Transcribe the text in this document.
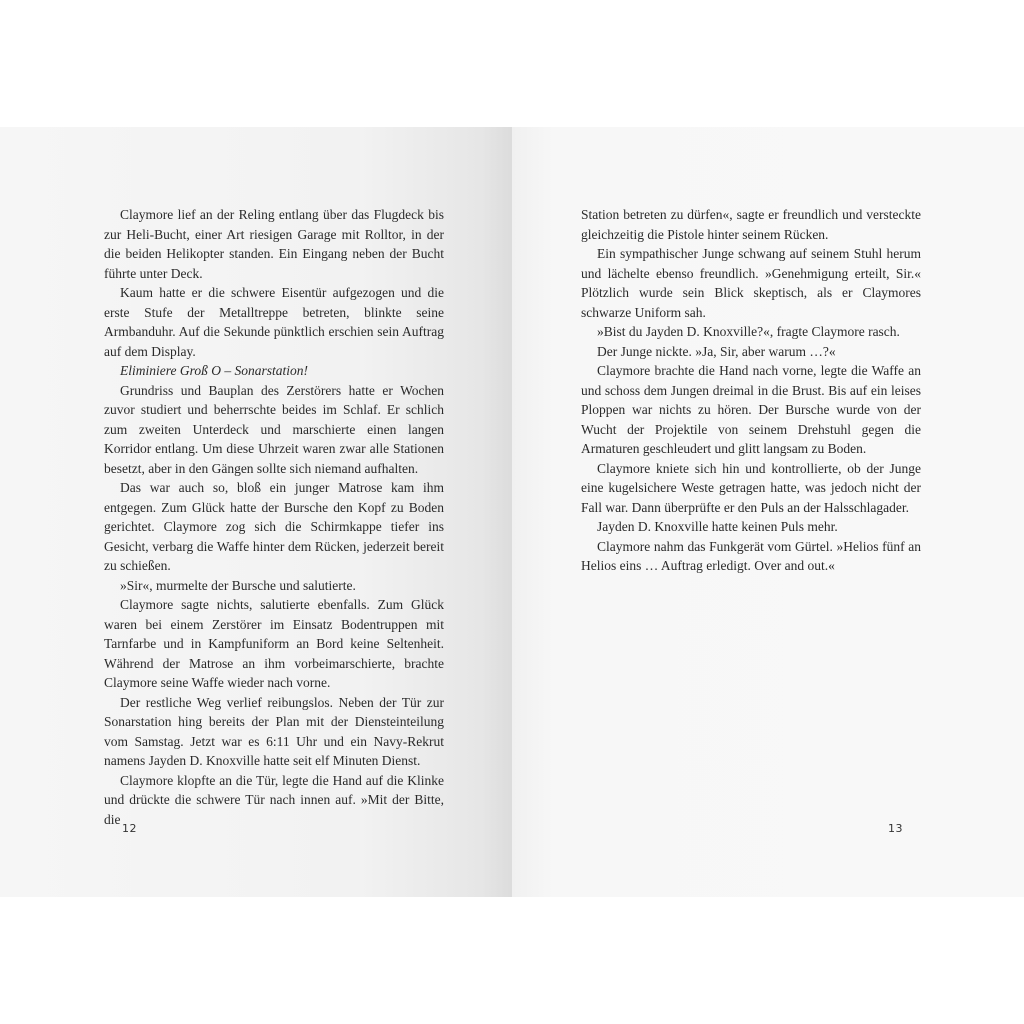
Claymore lief an der Reling entlang über das Flugdeck bis zur Heli-Bucht, einer Art riesigen Garage mit Rolltor, in der die beiden Helikopter standen. Ein Eingang neben der Bucht führte unter Deck.

Kaum hatte er die schwere Eisentür aufgezogen und die erste Stufe der Metalltreppe betreten, blinkte seine Armbanduhr. Auf die Sekunde pünktlich erschien sein Auftrag auf dem Display.

Eliminiere Groß O – Sonarstation!

Grundriss und Bauplan des Zerstörers hatte er Wochen zuvor studiert und beherrschte beides im Schlaf. Er schlich zum zweiten Unterdeck und marschierte einen langen Korridor entlang. Um diese Uhrzeit waren zwar alle Stationen besetzt, aber in den Gängen sollte sich niemand aufhalten.

Das war auch so, bloß ein junger Matrose kam ihm entgegen. Zum Glück hatte der Bursche den Kopf zu Boden gerichtet. Claymore zog sich die Schirmkappe tiefer ins Gesicht, verbarg die Waffe hinter dem Rücken, jederzeit bereit zu schießen.

»Sir«, murmelte der Bursche und salutierte.

Claymore sagte nichts, salutierte ebenfalls. Zum Glück waren bei einem Zerstörer im Einsatz Bodentruppen mit Tarnfarbe und in Kampfuniform an Bord keine Seltenheit. Während der Matrose an ihm vorbeimarschierte, brachte Claymore seine Waffe wieder nach vorne.

Der restliche Weg verlief reibungslos. Neben der Tür zur Sonarstation hing bereits der Plan mit der Diensteinteilung vom Samstag. Jetzt war es 6:11 Uhr und ein Navy-Rekrut namens Jayden D. Knoxville hatte seit elf Minuten Dienst.

Claymore klopfte an die Tür, legte die Hand auf die Klinke und drückte die schwere Tür nach innen auf. »Mit der Bitte, die

12

Station betreten zu dürfen«, sagte er freundlich und versteckte gleichzeitig die Pistole hinter seinem Rücken.

Ein sympathischer Junge schwang auf seinem Stuhl herum und lächelte ebenso freundlich. »Genehmigung erteilt, Sir.« Plötzlich wurde sein Blick skeptisch, als er Claymores schwarze Uniform sah.

»Bist du Jayden D. Knoxville?«, fragte Claymore rasch.

Der Junge nickte. »Ja, Sir, aber warum …?«

Claymore brachte die Hand nach vorne, legte die Waffe an und schoss dem Jungen dreimal in die Brust. Bis auf ein leises Ploppen war nichts zu hören. Der Bursche wurde von der Wucht der Projektile von seinem Drehstuhl gegen die Armaturen geschleudert und glitt langsam zu Boden.

Claymore kniete sich hin und kontrollierte, ob der Junge eine kugelsichere Weste getragen hatte, was jedoch nicht der Fall war. Dann überprüfte er den Puls an der Halsschlagader.

Jayden D. Knoxville hatte keinen Puls mehr.

Claymore nahm das Funkgerät vom Gürtel. »Helios fünf an Helios eins … Auftrag erledigt. Over and out.«

13
